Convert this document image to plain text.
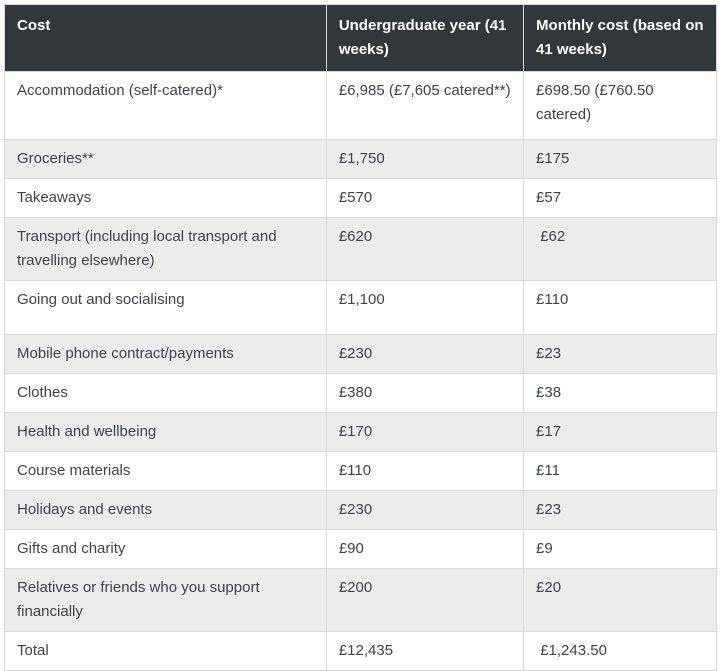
Cost	Undergraduate year (41 weeks)	Monthly cost (based on 41 weeks)
Accommodation (self-catered)*	£6,985 (£7,605 catered**)	£698.50 (£760.50 catered)
Groceries**	£1,750	£175
Takeaways	£570	£57
Transport (including local transport and travelling elsewhere)	£620	£62
Going out and socialising	£1,100	£110
Mobile phone contract/payments	£230	£23
Clothes	£380	£38
Health and wellbeing	£170	£17
Course materials	£110	£11
Holidays and events	£230	£23
Gifts and charity	£90	£9
Relatives or friends who you support financially	£200	£20
Total	£12,435	£1,243.50
